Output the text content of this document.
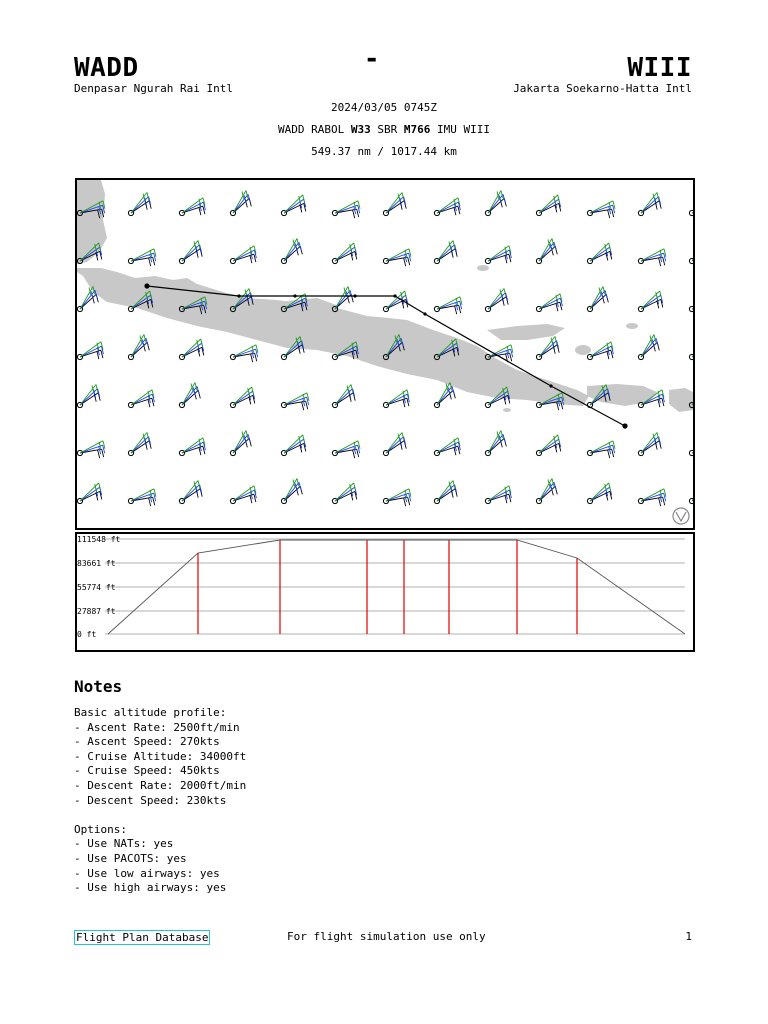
WADD
Denpasar Ngurah Rai Intl
-	WIII
Jakarta Soekarno-Hatta Intl
2024/03/05 0745Z
WADD RABOL W33 SBR M766 IMU WIII
549.37 nm / 1017.44 km
111548 ft
83661 ft
55774 ft
27887 ft
0 ft
Notes
Basic altitude profile:
- Ascent Rate: 2500ft/min
- Ascent Speed: 270kts
- Cruise Altitude: 34000ft
- Cruise Speed: 450kts
- Descent Rate: 2000ft/min
- Descent Speed: 230kts
Options:
- Use NATs: yes
- Use PACOTS: yes
- Use low airways: yes
- Use high airways: yes
Flight Plan Database	For flight simulation use only	1
